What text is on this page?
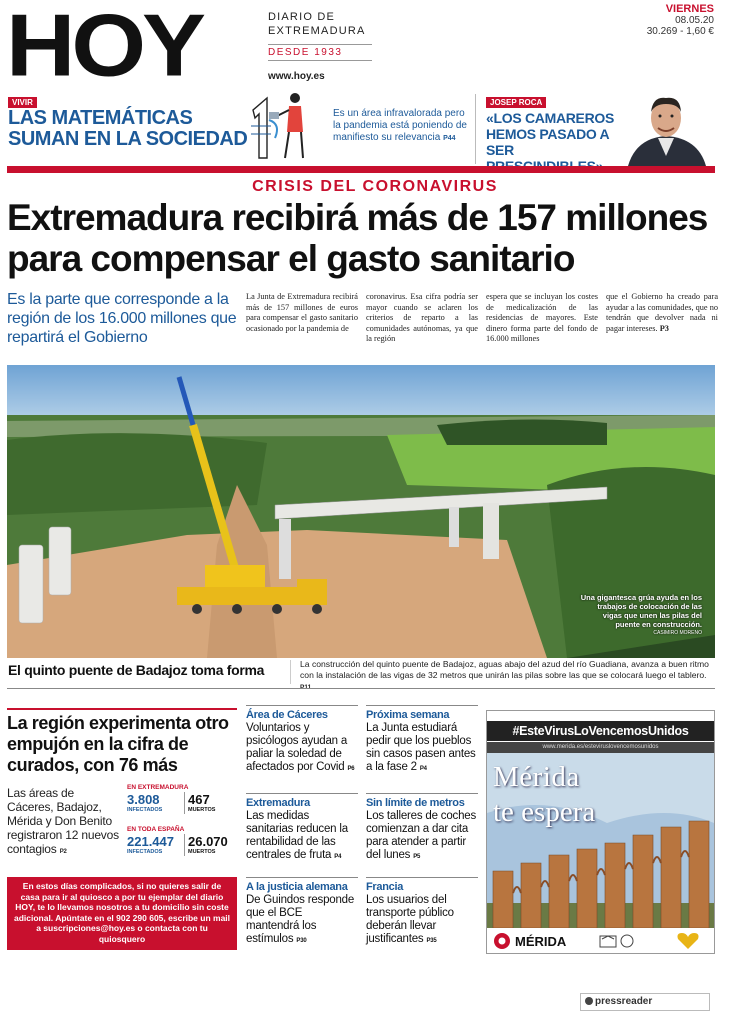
HOY	DIARIO DE
EXTREMADURA
DESDE 1933
www.hoy.es
VIERNES
08.05.20
30.269 - 1,60 €
VIVIR
LAS MATEMÁTICAS SUMAN EN LA SOCIEDAD
Es un área infravalorada pero la pandemia está poniendo de manifiesto su relevancia P44
JOSEP ROCA
«LOS CAMAREROS HEMOS PASADO A SER
CRISIS DEL CORONAVIRUS
Extremadura recibirá más de 157 millones para compensar el gasto sanitario
Es la parte que corresponde a la región de los 16.000 millones que repartirá el Gobierno
La Junta de Extremadura recibirá más de 157 millones de euros para compensar el gasto sanitario ocasionado por la pandemia de
coronavirus. Esa cifra podría ser mayor cuando se aclaren los criterios de reparto a las comunidades autónomas, ya que la región
espera que se incluyan los costes de medicalización de las residencias de mayores. Este dinero forma parte del fondo de 16.000 millones
que el Gobierno ha creado para ayudar a las comunidades, que no tendrán que devolver nada ni pagar intereses. P3
Una gigantesca grúa ayuda en los trabajos de colocación de las vigas que unen las pilas del puente en construcción.
CASIMIRO MORENO
El quinto puente de Badajoz toma forma	La construcción del quinto puente de Badajoz, aguas abajo del azud del río Guadiana, avanza a buen ritmo con la instalación de las vigas de 32 metros que unirán las pilas sobre las que se colocará luego el tablero.
La región experimenta otro empujón en la cifra de curados, con 76 más
Las áreas de Cáceres, Badajoz, Mérida y Don Benito registraron 12 nuevos contagios P2
EN EXTREMADURA
3.808
INFECTADOS
467
MUERTOS
EN TODA ESPAÑA
221.447
INFECTADOS
26.070
MUERTOS
En estos días complicados, si no quieres salir de casa para ir al quiosco a por tu ejemplar del diario HOY, te lo llevamos nosotros a tu domicilio sin coste adicional. Apúntate en el 902 290 605, escribe un mail a suscripciones@hoy.es o contacta con tu quiosquero
Área de Cáceres
Voluntarios y psicólogos ayudan a paliar la soledad de afectados por Covid P6
Extremadura
Las medidas sanitarias reducen la rentabilidad de las centrales de fruta P4
A la justicia alemana
De Guindos responde que el BCE mantendrá los estímulos P30
Próxima semana
La Junta estudiará pedir que los pueblos sin casos pasen antes a la fase 2 P4
Sin límite de metros
Los talleres de coches comienzan a dar cita para atender a partir del lunes P5
Francia
Los usuarios del transporte público deberán llevar justificantes P35
#EsteVirusLoVencemosUnidos
www.merida.es/esteviruslovencemosunidos
Mérida
te espera
MÉRIDA
pressreader
